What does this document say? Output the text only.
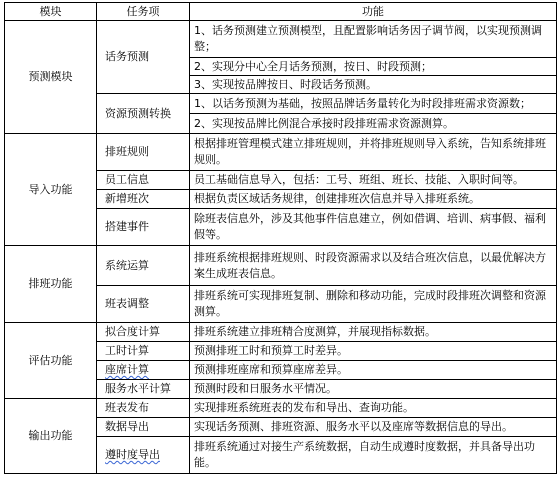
模块	任务项	功能
预测模块	话务预测	1、话务预测建立预测模型，且配置影响话务因子调节阀，以实现预测调整；
		2、实现分中心全月话务预测，按日、时段预测；
		3、实现按品牌按日、时段话务预测。
	资源预测转换	1、以话务预测为基础，按照品牌话务量转化为时段排班需求资源数；
		2、实现按品牌比例混合承接时段排班需求资源测算。
导入功能	排班规则	根据排班管理模式建立排班规则，并将排班规则导入系统，告知系统排班规则。
	员工信息	员工基础信息导入，包括：工号、班组、班长、技能、入职时间等。
	新增班次	根据负责区域话务规律，创建排班次信息并导入排班系统。
	搭建事件	除班表信息外，涉及其他事件信息建立，例如借调、培训、病事假、福利假等。
排班功能	系统运算	排班系统根据排班规则、时段资源需求以及结合班次信息，以最优解决方案生成班表信息。
	班表调整	排班系统可实现排班复制、删除和移动功能，完成时段排班次调整和资源测算。
评估功能	拟合度计算	排班系统建立排班精合度测算，并展现指标数据。
	工时计算	预测排班工时和预算工时差异。
	座席计算	预测排班座席和预算座席差异。
	服务水平计算	预测时段和日服务水平情况。
输出功能	班表发布	实现排班系统班表的发布和导出、查询功能。
	数据导出	实现话务预测、排班资源、服务水平以及座席等数据信息的导出。
	遵时度导出	排班系统通过对接生产系统数据，自动生成遵时度数据，并具备导出功能。
